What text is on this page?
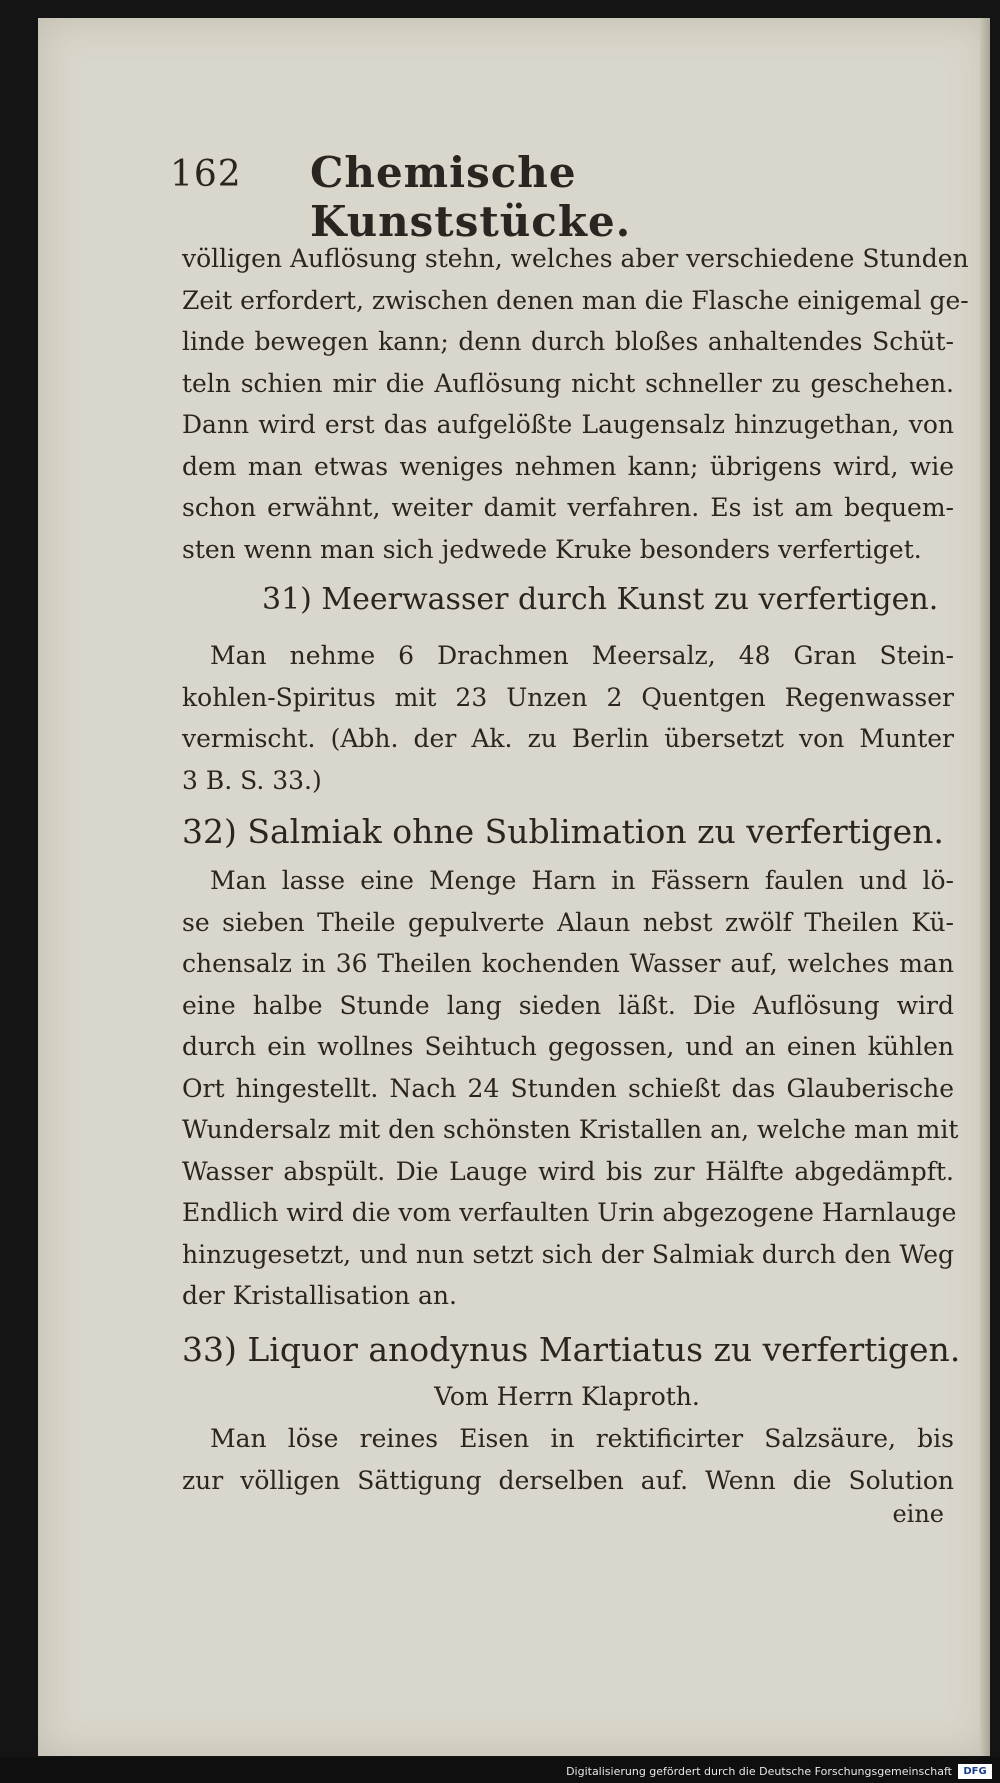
162 Chemische Kunststücke.
völligen Auflösung stehn, welches aber verschiedene Stunden
Zeit erfordert, zwischen denen man die Flasche einigemal ge-
linde bewegen kann; denn durch bloßes anhaltendes Schüt-
teln schien mir die Auflösung nicht schneller zu geschehen.
Dann wird erst das aufgelößte Laugensalz hinzugethan, von
dem man etwas weniges nehmen kann; übrigens wird, wie
schon erwähnt, weiter damit verfahren. Es ist am bequem-
sten wenn man sich jedwede Kruke besonders verfertiget.
31) Meerwasser durch Kunst zu verfertigen.
Man nehme 6 Drachmen Meersalz, 48 Gran Stein-
kohlen-Spiritus mit 23 Unzen 2 Quentgen Regenwasser
vermischt. (Abh. der Ak. zu Berlin übersetzt von Munter
3 B. S. 33.)
32) Salmiak ohne Sublimation zu verfertigen.
Man lasse eine Menge Harn in Fässern faulen und lö-
se sieben Theile gepulverte Alaun nebst zwölf Theilen Kü-
chensalz in 36 Theilen kochenden Wasser auf, welches man
eine halbe Stunde lang sieden läßt. Die Auflösung wird
durch ein wollnes Seihtuch gegossen, und an einen kühlen
Ort hingestellt. Nach 24 Stunden schießt das Glauberische
Wundersalz mit den schönsten Kristallen an, welche man mit
Wasser abspült. Die Lauge wird bis zur Hälfte abgedämpft.
Endlich wird die vom verfaulten Urin abgezogene Harnlauge
hinzugesetzt, und nun setzt sich der Salmiak durch den Weg
der Kristallisation an.
33) Liquor anodynus Martiatus zu verfertigen.
Vom Herrn Klaproth.
Man löse reines Eisen in rektificirter Salzsäure, bis
zur völligen Sättigung derselben auf. Wenn die Solution
eine
Digitalisierung gefördert durch die Deutsche Forschungsgemeinschaft	DFG
